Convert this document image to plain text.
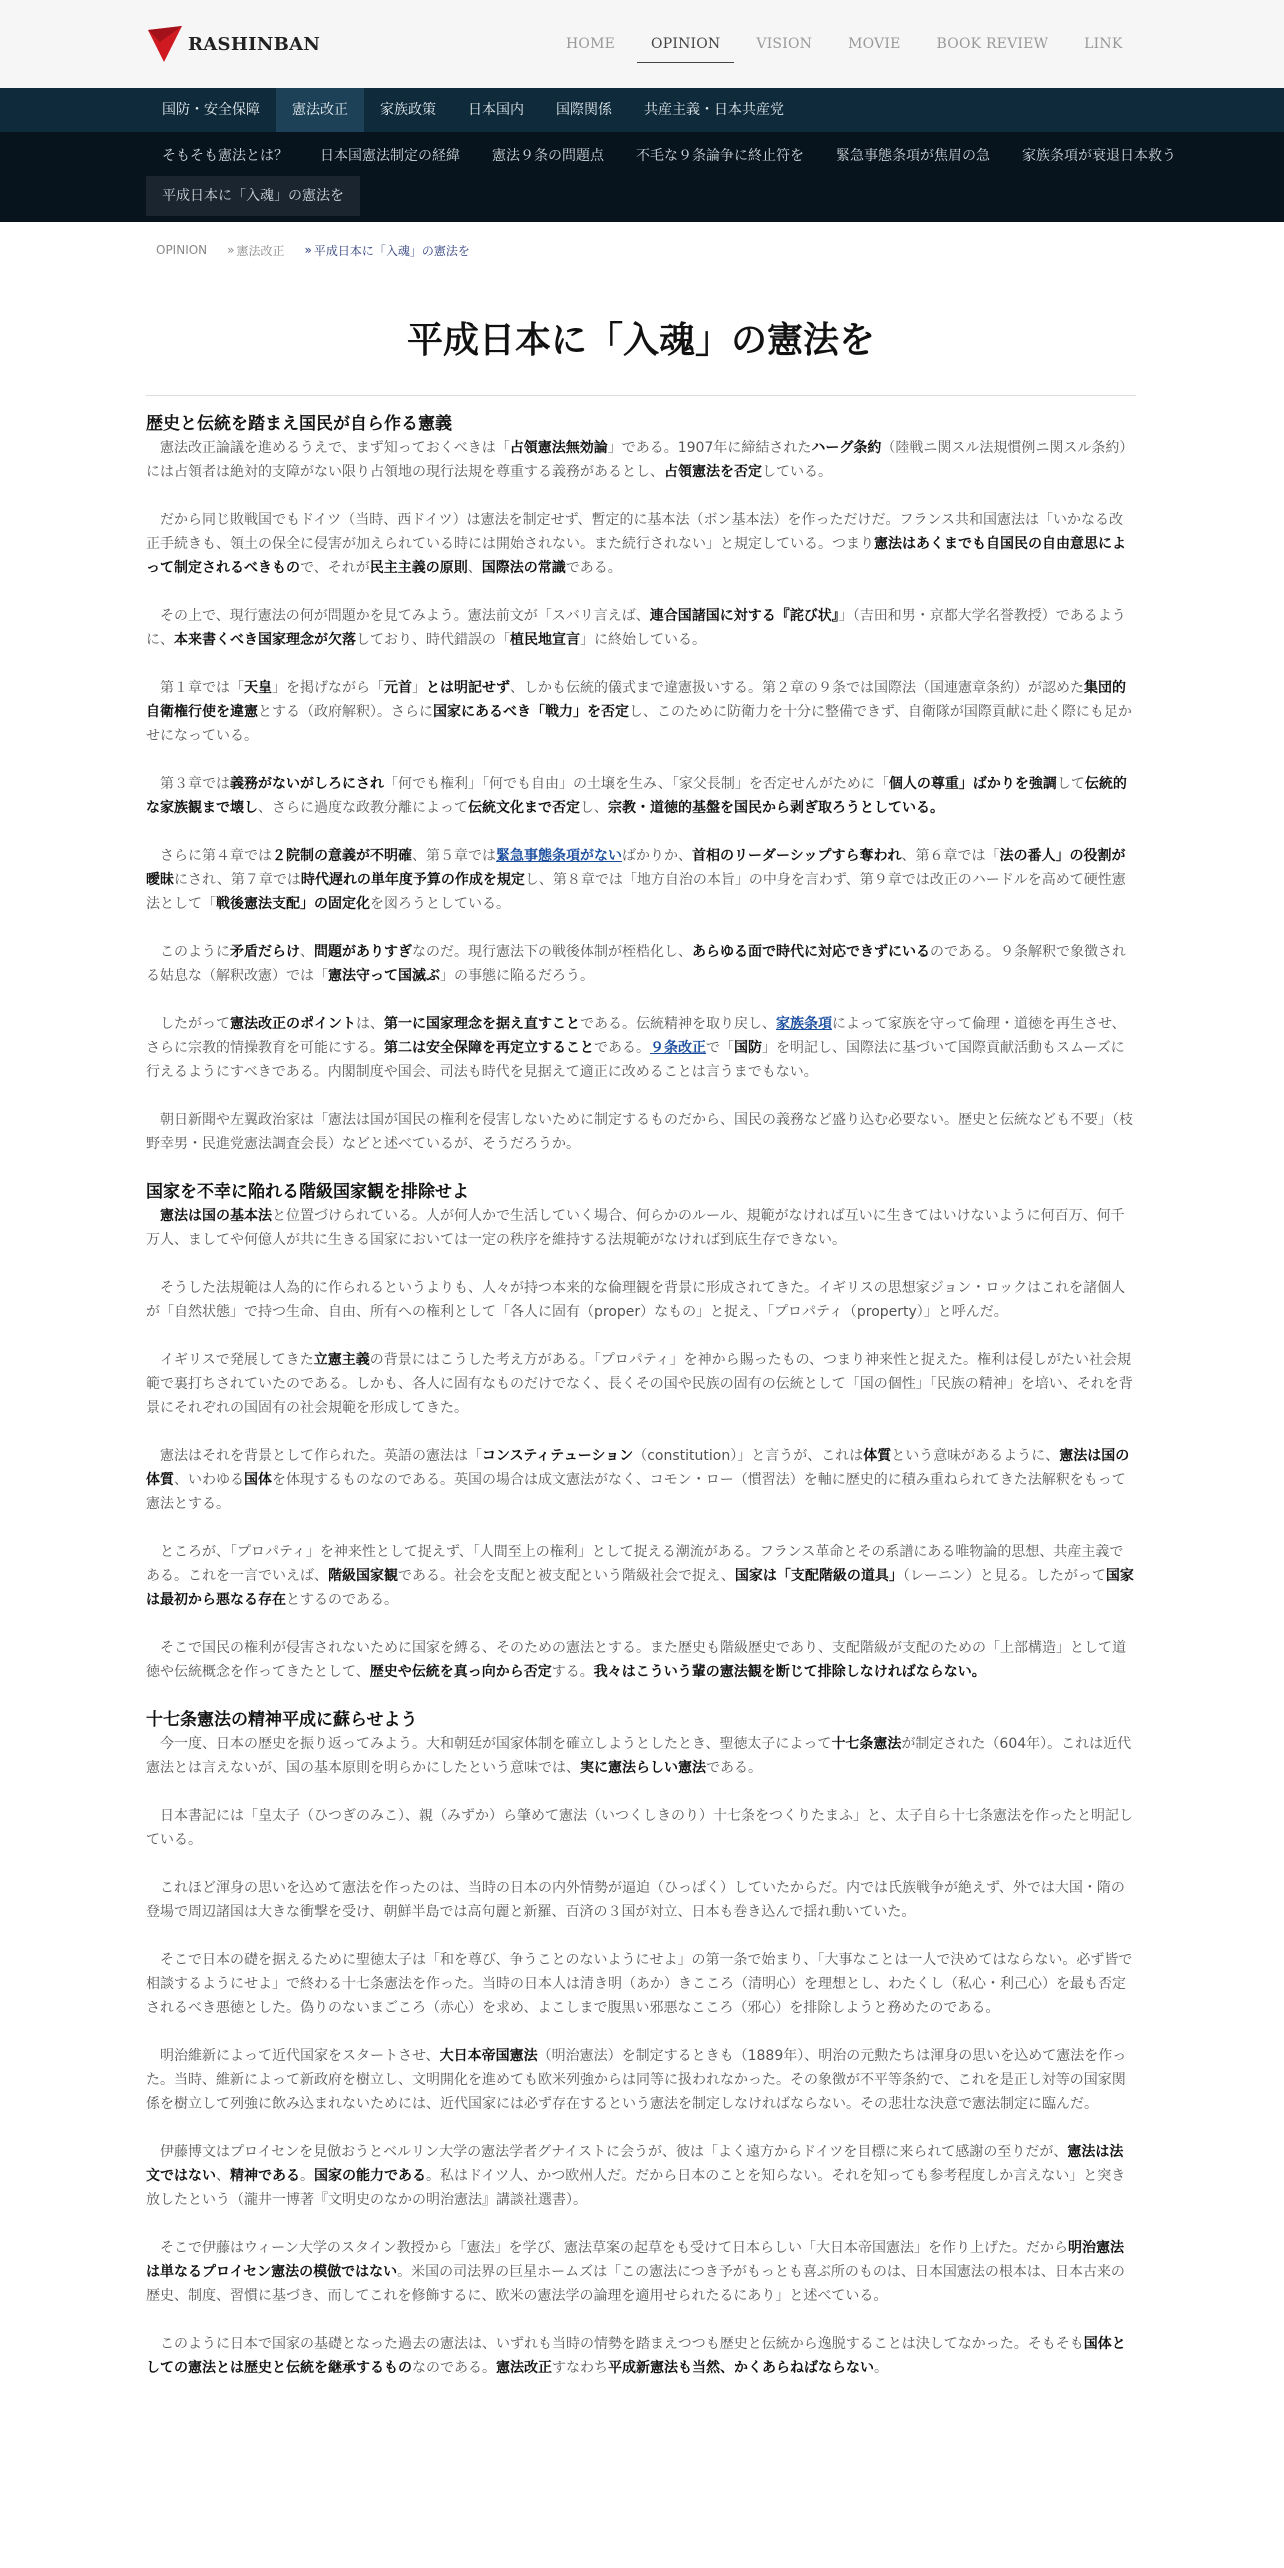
RASHINBAN	HOME	OPINION	VISION	MOVIE	BOOK REVIEW	LINK
国防・安全保障	憲法改正	家族政策	日本国内	国際関係	共産主義・日本共産党
そもそも憲法とは？	日本国憲法制定の経緯	憲法９条の問題点	不毛な９条論争に終止符を	緊急事態条項が焦眉の急	家族条項が衰退日本救う
平成日本に「入魂」の憲法を
OPINION » 憲法改正 » 平成日本に「入魂」の憲法を
平成日本に「入魂」の憲法を
歴史と伝統を踏まえ国民が自ら作る憲義

憲法改正論議を進めるうえで、まず知っておくべきは「占領憲法無効論」である。1907年に締結されたハーグ条約（陸戦ニ関スル法規慣例ニ関スル条約）には占領者は絶対的支障がない限り占領地の現行法規を尊重する義務があるとし、占領憲法を否定している。

だから同じ敗戦国でもドイツ（当時、西ドイツ）は憲法を制定せず、暫定的に基本法（ボン基本法）を作っただけだ。フランス共和国憲法は「いかなる改正手続きも、領土の保全に侵害が加えられている時には開始されない。また続行されない」と規定している。つまり憲法はあくまでも自国民の自由意思によって制定されるべきもので、それが民主主義の原則、国際法の常識である。

その上で、現行憲法の何が問題かを見てみよう。憲法前文が「スバリ言えば、連合国諸国に対する『詫び状』」（吉田和男・京都大学名誉教授）であるように、本来書くべき国家理念が欠落しており、時代錯誤の「植民地宣言」に終始している。

第１章では「天皇」を掲げながら「元首」とは明記せず、しかも伝統的儀式まで違憲扱いする。第２章の９条では国際法（国連憲章条約）が認めた集団的自衛権行使を違憲とする（政府解釈）。さらに国家にあるべき「戦力」を否定し、このために防衛力を十分に整備できず、自衛隊が国際貢献に赴く際にも足かせになっている。

第３章では義務がないがしろにされ「何でも権利」「何でも自由」の土壌を生み、「家父長制」を否定せんがために「個人の尊重」ばかりを強調して伝統的な家族観まで壊し、さらに過度な政教分離によって伝統文化まで否定し、宗教・道徳的基盤を国民から剥ぎ取ろうとしている。

さらに第４章では２院制の意義が不明確、第５章では緊急事態条項がないばかりか、首相のリーダーシップすら奪われ、第６章では「法の番人」の役割が曖昧にされ、第７章では時代遅れの単年度予算の作成を規定し、第８章では「地方自治の本旨」の中身を言わず、第９章では改正のハードルを高めて硬性憲法として「戦後憲法支配」の固定化を図ろうとしている。

このように矛盾だらけ、問題がありすぎなのだ。現行憲法下の戦後体制が桎梏化し、あらゆる面で時代に対応できずにいるのである。９条解釈で象徴される姑息な（解釈改憲）では「憲法守って国滅ぶ」の事態に陥るだろう。

したがって憲法改正のポイントは、第一に国家理念を据え直すことである。伝統精神を取り戻し、家族条項によって家族を守って倫理・道徳を再生させ、さらに宗教的情操教育を可能にする。第二は安全保障を再定立することである。９条改正で「国防」を明記し、国際法に基づいて国際貢献活動もスムーズに行えるようにすべきである。内閣制度や国会、司法も時代を見据えて適正に改めることは言うまでもない。

朝日新聞や左翼政治家は「憲法は国が国民の権利を侵害しないために制定するものだから、国民の義務など盛り込む必要ない。歴史と伝統なども不要」（枝野幸男・民進党憲法調査会長）などと述べているが、そうだろうか。

国家を不幸に陥れる階級国家観を排除せよ

憲法は国の基本法と位置づけられている。人が何人かで生活していく場合、何らかのルール、規範がなければ互いに生きてはいけないように何百万、何千万人、ましてや何億人が共に生きる国家においては一定の秩序を維持する法規範がなければ到底生存できない。

そうした法規範は人為的に作られるというよりも、人々が持つ本来的な倫理観を背景に形成されてきた。イギリスの思想家ジョン・ロックはこれを諸個人が「自然状態」で持つ生命、自由、所有への権利として「各人に固有（proper）なもの」と捉え、「プロパティ（property）」と呼んだ。

イギリスで発展してきた立憲主義の背景にはこうした考え方がある。「プロパティ」を神から賜ったもの、つまり神来性と捉えた。権利は侵しがたい社会規範で裏打ちされていたのである。しかも、各人に固有なものだけでなく、長くその国や民族の固有の伝統として「国の個性」「民族の精神」を培い、それを背景にそれぞれの国固有の社会規範を形成してきた。

憲法はそれを背景として作られた。英語の憲法は「コンスティテューション（constitution）」と言うが、これは体質という意味があるように、憲法は国の体質、いわゆる国体を体現するものなのである。英国の場合は成文憲法がなく、コモン・ロー（慣習法）を軸に歴史的に積み重ねられてきた法解釈をもって憲法とする。

ところが、「プロパティ」を神来性として捉えず、「人間至上の権利」として捉える潮流がある。フランス革命とその系譜にある唯物論的思想、共産主義である。これを一言でいえば、階級国家観である。社会を支配と被支配という階級社会で捉え、国家は「支配階級の道具」（レーニン）と見る。したがって国家は最初から悪なる存在とするのである。

そこで国民の権利が侵害されないために国家を縛る、そのための憲法とする。また歴史も階級歴史であり、支配階級が支配のための「上部構造」として道徳や伝統概念を作ってきたとして、歴史や伝統を真っ向から否定する。我々はこういう輩の憲法観を断じて排除しなければならない。

十七条憲法の精神平成に蘇らせよう

今一度、日本の歴史を振り返ってみよう。大和朝廷が国家体制を確立しようとしたとき、聖徳太子によって十七条憲法が制定された（604年）。これは近代憲法とは言えないが、国の基本原則を明らかにしたという意味では、実に憲法らしい憲法である。

日本書記には「皇太子（ひつぎのみこ）、親（みずか）ら肇めて憲法（いつくしきのり）十七条をつくりたまふ」と、太子自ら十七条憲法を作ったと明記している。

これほど渾身の思いを込めて憲法を作ったのは、当時の日本の内外情勢が逼迫（ひっぱく）していたからだ。内では氏族戦争が絶えず、外では大国・隋の登場で周辺諸国は大きな衝撃を受け、朝鮮半島では高句麗と新羅、百済の３国が対立、日本も巻き込んで揺れ動いていた。

そこで日本の礎を据えるために聖徳太子は「和を尊び、争うことのないようにせよ」の第一条で始まり、「大事なことは一人で決めてはならない。必ず皆で相談するようにせよ」で終わる十七条憲法を作った。当時の日本人は清き明（あか）きこころ（清明心）を理想とし、わたくし（私心・利己心）を最も否定されるべき悪徳とした。偽りのないまごころ（赤心）を求め、よこしまで腹黒い邪悪なこころ（邪心）を排除しようと務めたのである。

明治維新によって近代国家をスタートさせ、大日本帝国憲法（明治憲法）を制定するときも（1889年）、明治の元勲たちは渾身の思いを込めて憲法を作った。当時、維新によって新政府を樹立し、文明開化を進めても欧米列強からは同等に扱われなかった。その象徴が不平等条約で、これを是正し対等の国家関係を樹立して列強に飲み込まれないためには、近代国家には必ず存在するという憲法を制定しなければならない。その悲壮な決意で憲法制定に臨んだ。

伊藤博文はプロイセンを見倣おうとベルリン大学の憲法学者グナイストに会うが、彼は「よく遠方からドイツを目標に来られて感謝の至りだが、憲法は法文ではない、精神である。国家の能力である。私はドイツ人、かつ欧州人だ。だから日本のことを知らない。それを知っても参考程度しか言えない」と突き放したという（瀧井一博著『文明史のなかの明治憲法』講談社選書）。

そこで伊藤はウィーン大学のスタイン教授から「憲法」を学び、憲法草案の起草をも受けて日本らしい「大日本帝国憲法」を作り上げた。だから明治憲法は単なるプロイセン憲法の模倣ではない。米国の司法界の巨星ホームズは「この憲法につき予がもっとも喜ぶ所のものは、日本国憲法の根本は、日本古来の歴史、制度、習慣に基づき、而してこれを修飾するに、欧米の憲法学の論理を適用せられたるにあり」と述べている。

このように日本で国家の基礎となった過去の憲法は、いずれも当時の情勢を踏まえつつも歴史と伝統から逸脱することは決してなかった。そもそも国体としての憲法とは歴史と伝統を継承するものなのである。憲法改正すなわち平成新憲法も当然、かくあらねばならない。
